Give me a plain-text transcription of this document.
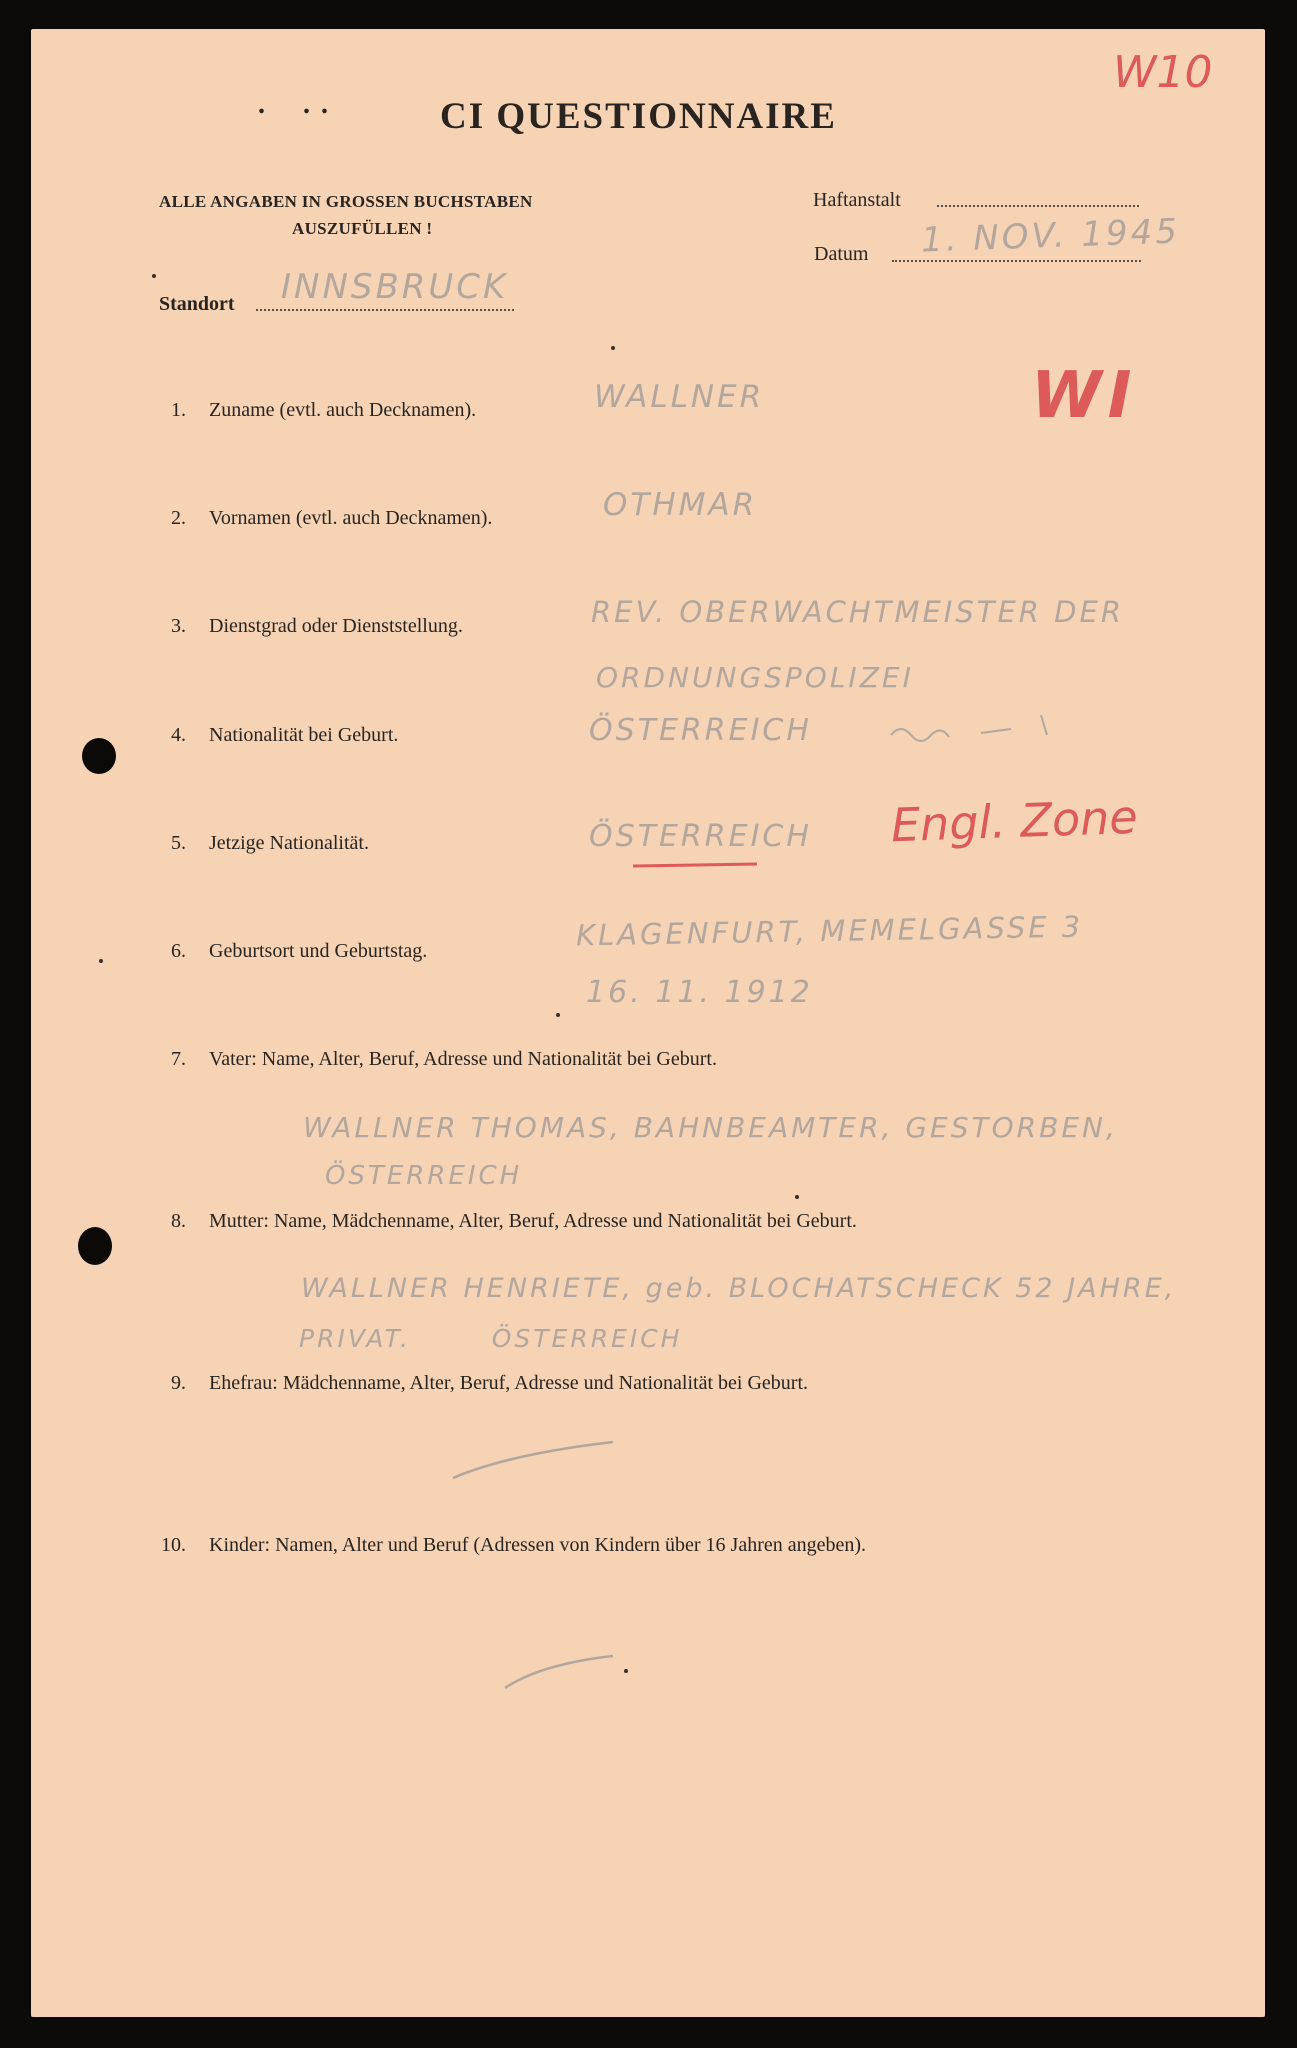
.    . .	CI QUESTIONNAIRE
W10
ALLE ANGABEN IN GROSSEN BUCHSTABEN
AUSZUFÜLLEN !
Haftanstalt
Datum 1. NOV. 1945
Standort INNSBRUCK
1. Zuname (evtl. auch Decknamen).	WALLNER	WI
2. Vornamen (evtl. auch Decknamen).	OTHMAR
3. Dienstgrad oder Dienststellung.	REV. OBERWACHTMEISTER DER
ORDNUNGSPOLIZEI
4. Nationalität bei Geburt.	ÖSTERREICH
5. Jetzige Nationalität.	ÖSTERREICH Engl. Zone
6. Geburtsort und Geburtstag.	KLAGENFURT, MEMELGASSE 3
16. 11. 1912
7. Vater: Name, Alter, Beruf, Adresse und Nationalität bei Geburt.
WALLNER THOMAS, BAHNBEAMTER, GESTORBEN,
ÖSTERREICH
8. Mutter: Name, Mädchenname, Alter, Beruf, Adresse und Nationalität bei Geburt.
WALLNER HENRIETE, geb. BLOCHATSCHECK 52 JAHRE,
PRIVAT. ÖSTERREICH
9. Ehefrau: Mädchenname, Alter, Beruf, Adresse und Nationalität bei Geburt.
10. Kinder: Namen, Alter und Beruf (Adressen von Kindern über 16 Jahren angeben).
